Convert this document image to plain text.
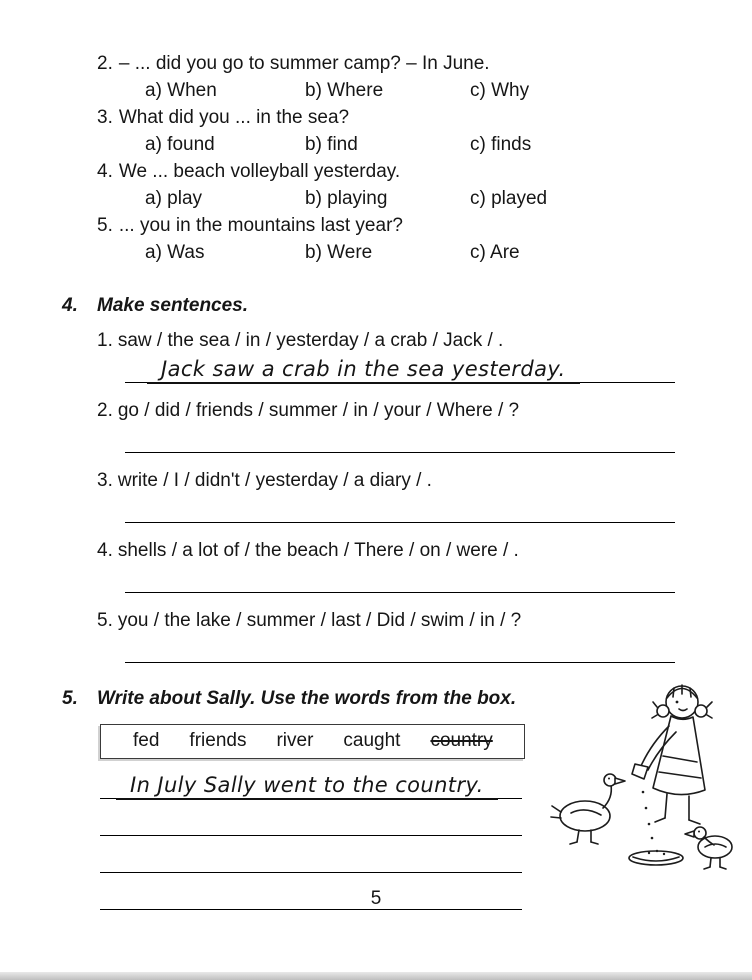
2. – ... did you go to summer camp? – In June.
a) When	b) Where	c) Why
3. What did you ... in the sea?
a) found	b) find	c) finds
4. We ... beach volleyball yesterday.
a) play	b) playing	c) played
5. ... you in the mountains last year?
a) Was	b) Were	c) Are
4.	Make sentences.
1. saw / the sea / in / yesterday / a crab / Jack / .
Jack saw a crab in the sea yesterday.
2. go / did / friends / summer / in / your / Where / ?
3. write / I / didn't / yesterday / a diary / .
4. shells / a lot of / the beach / There / on / were / .
5. you / the lake / summer / last / Did / swim / in / ?
5.	Write about Sally. Use the words from the box.
fed friends river caught country
In July Sally went to the country.
5
